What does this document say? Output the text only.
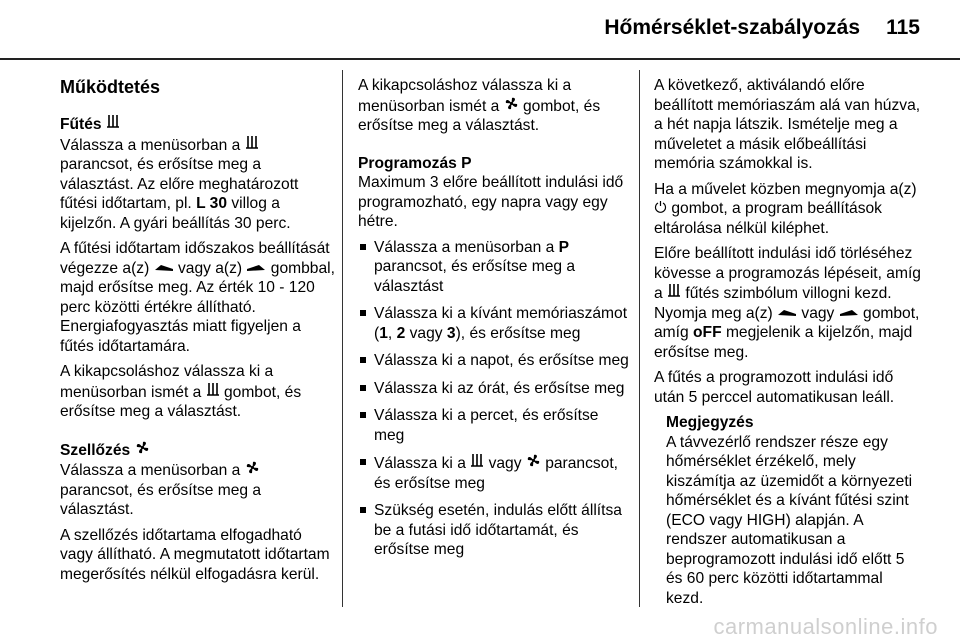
Hőmérséklet-szabályozás 115
Működtetés
Fűtés

Válassza a menüsorban a  parancsot, és erősítse meg a választást. Az előre meghatározott fűtési időtartam, pl. L 30 villog a kijelzőn. A gyári beállítás 30 perc.

A fűtési időtartam időszakos beállítását végezze a(z) vagy a(z) gombbal, majd erősítse meg. Az érték 10 - 120 perc közötti értékre állítható. Energiafogyasztás miatt figyeljen a fűtés időtartamára.

A kikapcsoláshoz válassza ki a menüsorban ismét a gombot, és erősítse meg a választást.

Szellőzés

Válassza a menüsorban a  parancsot, és erősítse meg a választást.

A szellőzés időtartama elfogadható vagy állítható. A megmutatott időtartam megerősítés nélkül elfogadásra kerül.

A kikapcsoláshoz válassza ki a menüsorban ismét a gombot, és erősítse meg a választást.

Programozás P

Maximum 3 előre beállított indulási idő programozható, egy napra vagy egy hétre.

Válassza a menüsorban a P parancsot, és erősítse meg a választást
Válassza ki a kívánt memóriaszámot (1, 2 vagy 3), és erősítse meg
Válassza ki a napot, és erősítse meg
Válassza ki az órát, és erősítse meg
Válassza ki a percet, és erősítse meg
Válassza ki a vagy parancsot, és erősítse meg
Szükség esetén, indulás előtt állítsa be a futási idő időtartamát, és erősítse meg

A következő, aktiválandó előre beállított memóriaszám alá van húzva, a hét napja látszik. Ismételje meg a műveletet a másik előbeállítási memória számokkal is.

Ha a művelet közben megnyomja a(z)  gombot, a program beállítások eltárolása nélkül kiléphet.

Előre beállított indulási idő törléséhez kövesse a programozás lépéseit, amíg a fűtés szimbólum villogni kezd. Nyomja meg a(z) vagy gombot, amíg oFF megjelenik a kijelzőn, majd erősítse meg.

A fűtés a programozott indulási idő után 5 perccel automatikusan leáll.

Megjegyzés
A távvezérlő rendszer része egy hőmérséklet érzékelő, mely kiszámítja az üzemidőt a környezeti hőmérséklet és a kívánt fűtési szint (ECO vagy HIGH) alapján. A rendszer automatikusan a beprogramozott indulási idő előtt 5 és 60 perc közötti időtartammal kezd.
carmanualsonline.info
